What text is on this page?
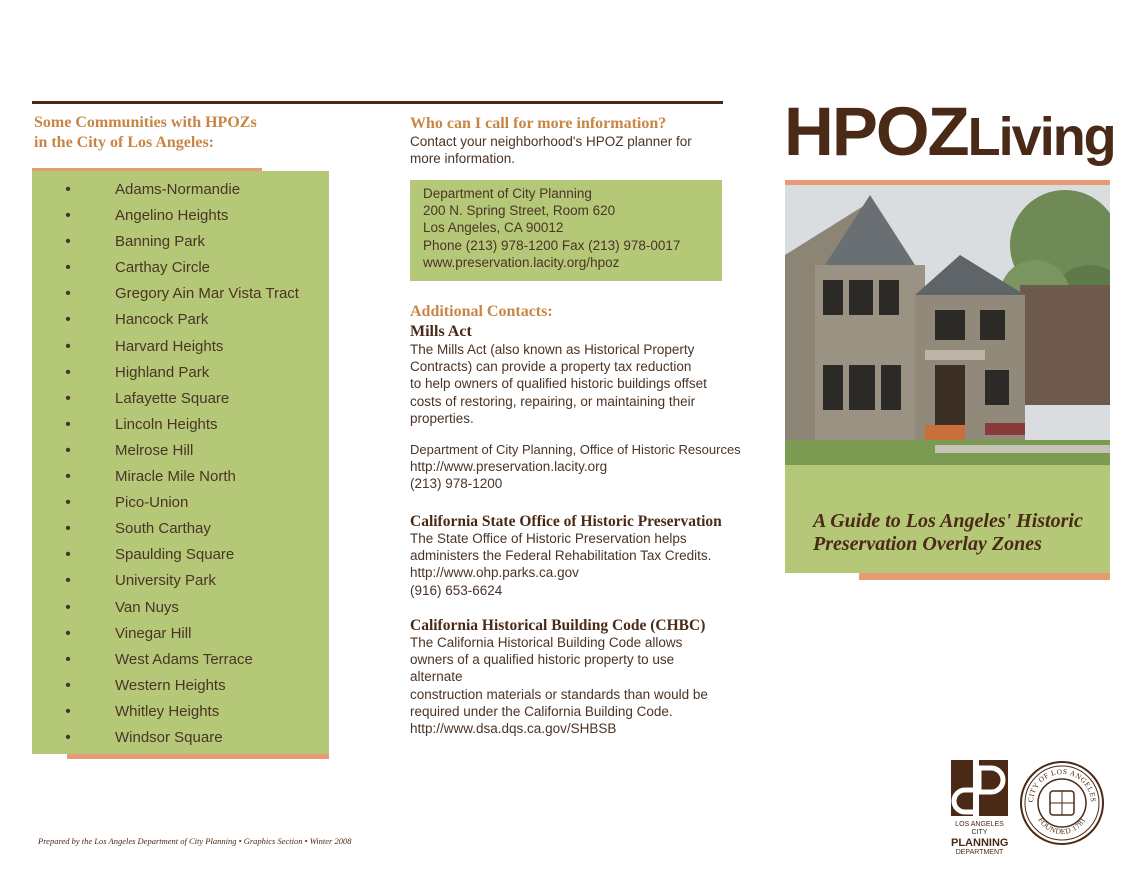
Some Communities with HPOZs
in the City of Los Angeles:
•	Adams-Normandie
•	Angelino Heights
•	Banning Park
•	Carthay Circle
•	Gregory Ain Mar Vista Tract
•	Hancock Park
•	Harvard Heights
•	Highland Park
•	Lafayette Square
•	Lincoln Heights
•	Melrose Hill
•	Miracle Mile North
•	Pico-Union
•	South Carthay
•	Spaulding Square
•	University Park
•	Van Nuys
•	Vinegar Hill
•	West Adams Terrace
•	Western Heights
•	Whitley Heights
•	Windsor Square
Who can I call for more information?
Contact your neighborhood's HPOZ planner for
more information.
Department of City Planning
200 N. Spring Street, Room 620
Los Angeles, CA 90012
Phone (213) 978-1200 Fax (213) 978-0017
www.preservation.lacity.org/hpoz
Additional Contacts:
Mills Act
The Mills Act (also known as Historical Property
Contracts) can provide a property tax reduction
to help owners of qualified historic buildings offset
costs of restoring, repairing, or maintaining their
properties.
Department of City Planning, Office of Historic Resources
http://www.preservation.lacity.org
(213) 978-1200
California State Office of Historic Preservation
The State Office of Historic Preservation helps
administers the Federal Rehabilitation Tax Credits.
http://www.ohp.parks.ca.gov
(916) 653-6624
California Historical Building Code (CHBC)
The California Historical Building Code allows
owners of a qualified historic property to use alternate
construction materials or standards than would be
required under the California Building Code.
http://www.dsa.dqs.ca.gov/SHBSB
HPOZLiving
A Guide to Los Angeles' Historic
Preservation Overlay Zones
LOS ANGELES CITY
PLANNING
DEPARTMENT
CITY OF LOS ANGELES
FOUNDED 1781
Prepared by the Los Angeles Department of City Planning • Graphics Section • Winter 2008
